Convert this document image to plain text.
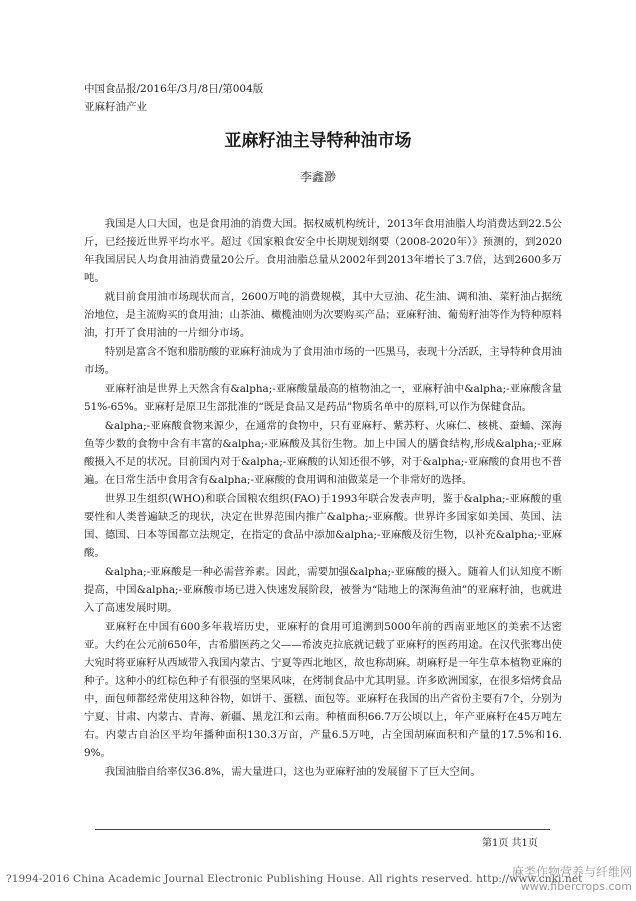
中国食品报/2016年/3月/8日/第004版
亚麻籽油产业
亚麻籽油主导特种油市场
李鑫渺

我国是人口大国，也是食用油的消费大国。据权威机构统计，2013年食用油脂人均消费达到22.5公斤，已经接近世界平均水平。超过《国家粮食安全中长期规划纲要（2008-2020年）》预测的，到2020年我国居民人均食用油消费量20公斤。食用油脂总量从2002年到2013年增长了3.7倍，达到2600多万吨。

就目前食用油市场现状而言，2600万吨的消费规模，其中大豆油、花生油、调和油、菜籽油占据统治地位，是主流购买的食用油；山茶油、橄榄油则为次要购买产品；亚麻籽油、葡萄籽油等作为特种原料油，打开了食用油的一片细分市场。

特别是富含不饱和脂肪酸的亚麻籽油成为了食用油市场的一匹黑马，表现十分活跃，主导特种食用油市场。

亚麻籽油是世界上天然含有&alpha;-亚麻酸量最高的植物油之一，亚麻籽油中&alpha;-亚麻酸含量51%-65%。亚麻籽是原卫生部批准的“既是食品又是药品”物质名单中的原料,可以作为保健食品。

&alpha;-亚麻酸食物来源少，在通常的食物中，只有亚麻籽、紫苏籽、火麻仁、核桃、蚕蛹、深海鱼等少数的食物中含有丰富的&alpha;-亚麻酸及其衍生物。加上中国人的膳食结构,形成&alpha;-亚麻酸摄入不足的状况。目前国内对于&alpha;-亚麻酸的认知还很不够，对于&alpha;-亚麻酸的食用也不普遍。在日常生活中食用含有&alpha;-亚麻酸的食用调和油做菜是一个非常好的选择。

世界卫生组织(WHO)和联合国粮农组织(FAO)于1993年联合发表声明，鉴于&alpha;-亚麻酸的重要性和人类普遍缺乏的现状，决定在世界范围内推广&alpha;-亚麻酸。世界许多国家如美国、英国、法国、德国、日本等国都立法规定，在指定的食品中添加&alpha;-亚麻酸及衍生物，以补充&alpha;-亚麻酸。

&alpha;-亚麻酸是一种必需营养素。因此，需要加强&alpha;-亚麻酸的摄入。随着人们认知度不断提高，中国&alpha;-亚麻酸市场已进入快速发展阶段，被誉为“陆地上的深海鱼油”的亚麻籽油，也就进入了高速发展时期。

亚麻籽在中国有600多年栽培历史，亚麻籽的食用可追溯到5000年前的西南亚地区的美索不达密亚。大约在公元前650年，古希腊医药之父——希波克拉底就记载了亚麻籽的医药用途。在汉代张骞出使大宛时将亚麻籽从西域带入我国内蒙古、宁夏等西北地区，故也称胡麻。胡麻籽是一年生草本植物亚麻的种子。这种小的红棕色种子有很强的坚果风味，在烤制食品中尤其明显。许多欧洲国家，在很多焙烤食品中，面包师都经常使用这种谷物，如饼干、蛋糕、面包等。亚麻籽在我国的出产省份主要有7个，分别为宁夏、甘肃、内蒙古、青海、新疆、黑龙江和云南。种植面积66.7万公顷以上，年产亚麻籽在45万吨左右。内蒙古自治区平均年播种面积130.3万亩，产量6.5万吨，占全国胡麻面积和产量的17.5%和16.9%。

我国油脂自给率仅36.8%，需大量进口，这也为亚麻籽油的发展留下了巨大空间。

第1页 共1页
?1994-2016 China Academic Journal Electronic Publishing House. All rights reserved. http://www.cnki.net
麻类作物营养与纤维网
www.fibercrops.com
